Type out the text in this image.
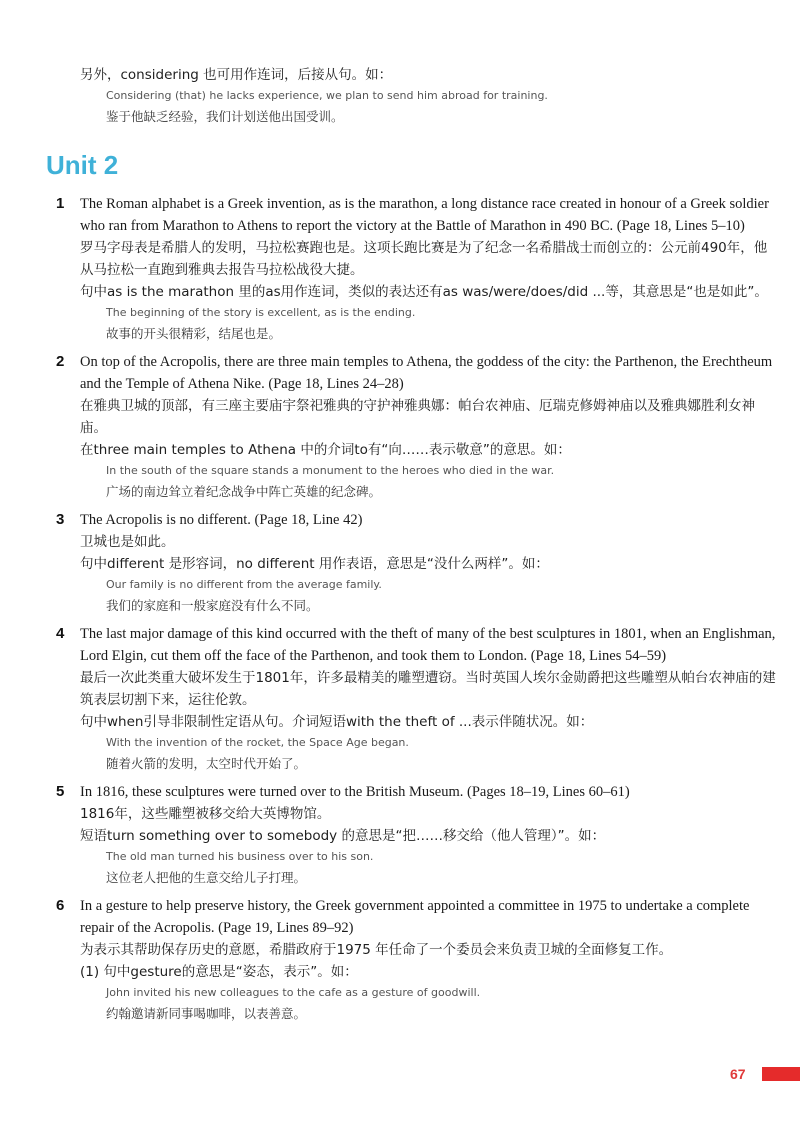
另外，considering 也可用作连词，后接从句。如：
Considering (that) he lacks experience, we plan to send him abroad for training.
鉴于他缺乏经验，我们计划送他出国受训。
Unit 2
1 The Roman alphabet is a Greek invention, as is the marathon, a long distance race created in honour of a Greek soldier who ran from Marathon to Athens to report the victory at the Battle of Marathon in 490 BC. (Page 18, Lines 5–10)
罗马字母表是希腊人的发明，马拉松赛跑也是。这项长跑比赛是为了纪念一名希腊战士而创立的：公元前490年，他从马拉松一直跑到雅典去报告马拉松战役大捷。
句中as is the marathon 里的as用作连词，类似的表达还有as was/were/does/did ...等，其意思是“也是如此”。
The beginning of the story is excellent, as is the ending.
故事的开头很精彩，结尾也是。
2 On top of the Acropolis, there are three main temples to Athena, the goddess of the city: the Parthenon, the Erechtheum and the Temple of Athena Nike. (Page 18, Lines 24–28)
在雅典卫城的顶部，有三座主要庙宇祭祀雅典的守护神雅典娜：帕台农神庙、厄瑞克修姆神庙以及雅典娜胜利女神庙。
在three main temples to Athena 中的介词to有“向……表示敬意”的意思。如：
In the south of the square stands a monument to the heroes who died in the war.
广场的南边耸立着纪念战争中阵亡英雄的纪念碑。
3 The Acropolis is no different. (Page 18, Line 42)
卫城也是如此。
句中different 是形容词，no different 用作表语，意思是“没什么两样”。如：
Our family is no different from the average family.
我们的家庭和一般家庭没有什么不同。
4 The last major damage of this kind occurred with the theft of many of the best sculptures in 1801, when an Englishman, Lord Elgin, cut them off the face of the Parthenon, and took them to London. (Page 18, Lines 54–59)
最后一次此类重大破坏发生于1801年，许多最精美的雕塑遭窃。当时英国人埃尔金勋爵把这些雕塑从帕台农神庙的建筑表层切割下来，运往伦敦。
句中when引导非限制性定语从句。介词短语with the theft of ...表示伴随状况。如：
With the invention of the rocket, the Space Age began.
随着火箭的发明，太空时代开始了。
5 In 1816, these sculptures were turned over to the British Museum. (Pages 18–19, Lines 60–61)
1816年，这些雕塑被移交给大英博物馆。
短语turn something over to somebody 的意思是“把……移交给（他人管理）”。如：
The old man turned his business over to his son.
这位老人把他的生意交给儿子打理。
6 In a gesture to help preserve history, the Greek government appointed a committee in 1975 to undertake a complete repair of the Acropolis. (Page 19, Lines 89–92)
为表示其帮助保存历史的意愿，希腊政府于1975 年任命了一个委员会来负责卫城的全面修复工作。
(1) 句中gesture的意思是“姿态，表示”。如：
John invited his new colleagues to the cafe as a gesture of goodwill.
约翰邀请新同事喝咖啡，以表善意。
67
